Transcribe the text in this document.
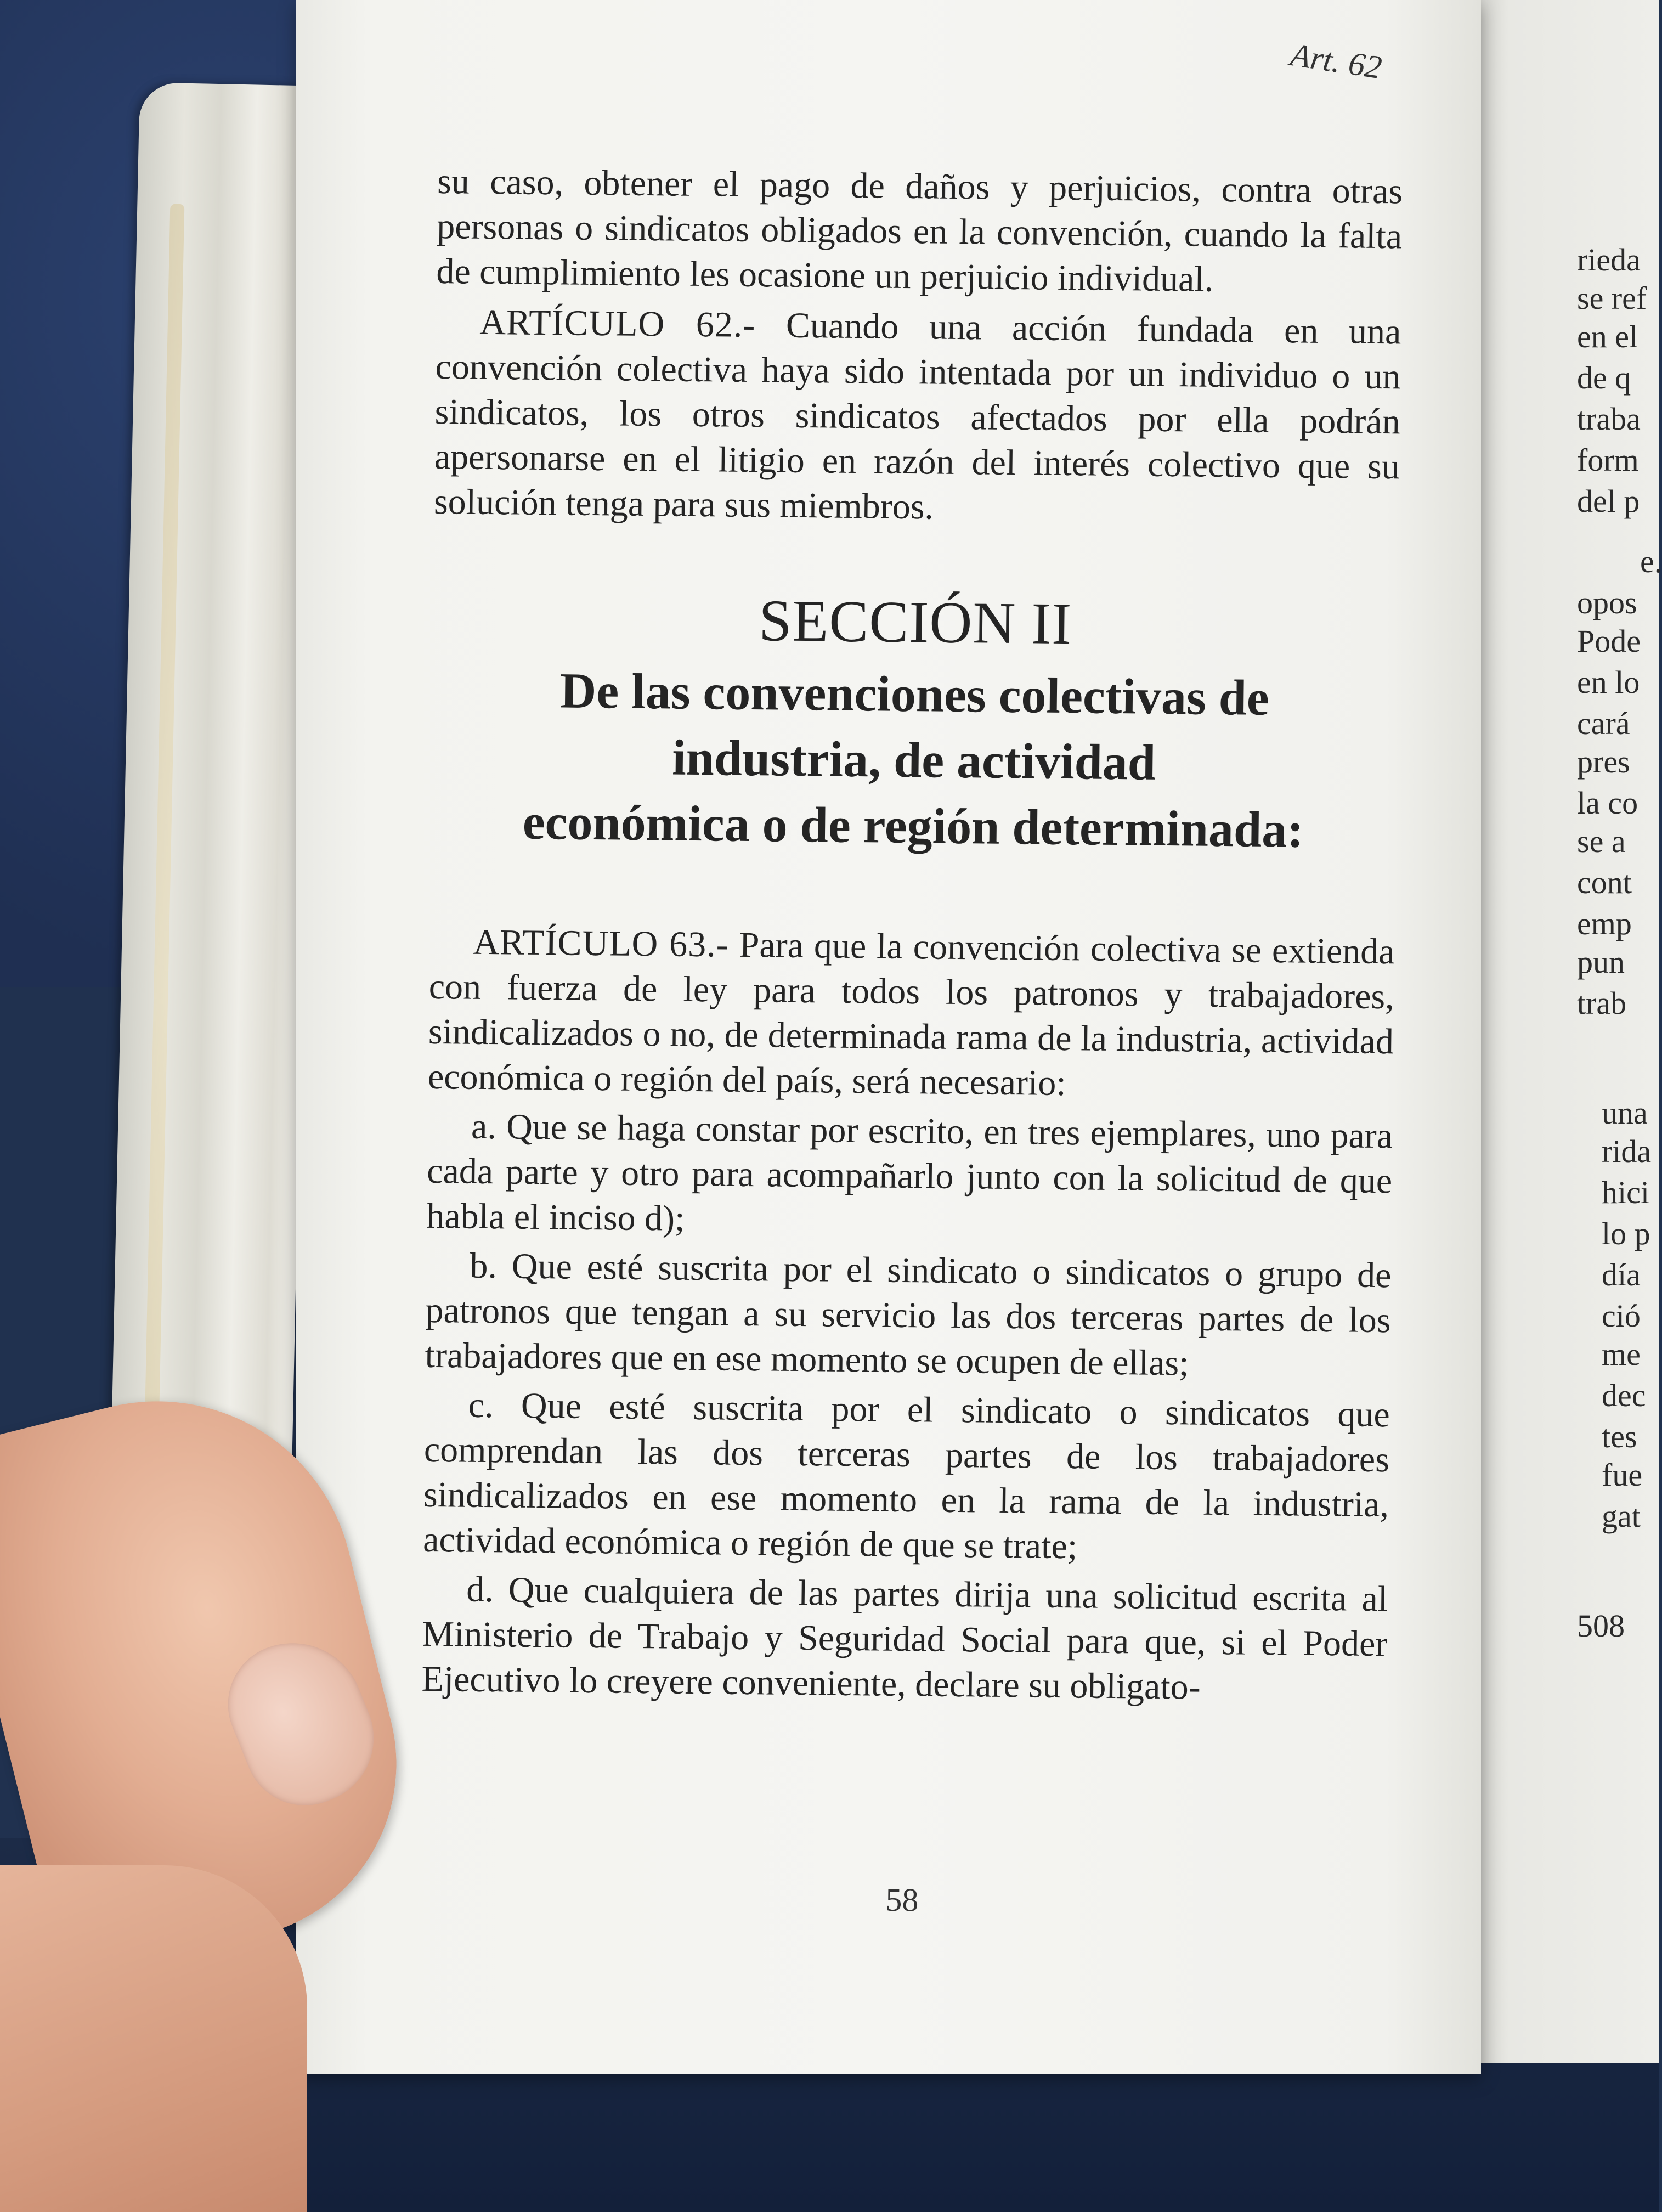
rieda
se ref
en el
de q
traba
form
del p
e.
opos
Pode
en lo
cará
pres
la co
se a
cont
emp
pun
trab
una
rida
hici
lo p
día
ció
me
dec
tes
fue
gat
508
Art. 62

su caso, obtener el pago de daños y perjuicios, contra otras personas o sindicatos obligados en la convención, cuando la falta de cumplimiento les ocasione un perjuicio individual.

ARTÍCULO 62.- Cuando una acción fundada en una convención colectiva haya sido intentada por un individuo o un sindicatos, los otros sindicatos afectados por ella podrán apersonarse en el litigio en razón del interés colectivo que su solución tenga para sus miembros.

SECCIÓN II
De las convenciones colectivas de
industria, de actividad
económica o de región determinada:

ARTÍCULO 63.- Para que la convención colectiva se extienda con fuerza de ley para todos los patronos y trabajadores, sindicalizados o no, de determinada rama de la industria, actividad económica o región del país, será necesario:

a. Que se haga constar por escrito, en tres ejemplares, uno para cada parte y otro para acompañarlo junto con la solicitud de que habla el inciso d);

b. Que esté suscrita por el sindicato o sindicatos o grupo de patronos que tengan a su servicio las dos terceras partes de los trabajadores que en ese momento se ocupen de ellas;

c. Que esté suscrita por el sindicato o sindicatos que comprendan las dos terceras partes de los trabajadores sindicalizados en ese momento en la rama de la industria, actividad económica o región de que se trate;

d. Que cualquiera de las partes dirija una solicitud escrita al Ministerio de Trabajo y Seguridad Social para que, si el Poder Ejecutivo lo creyere conveniente, declare su obligato-

58
